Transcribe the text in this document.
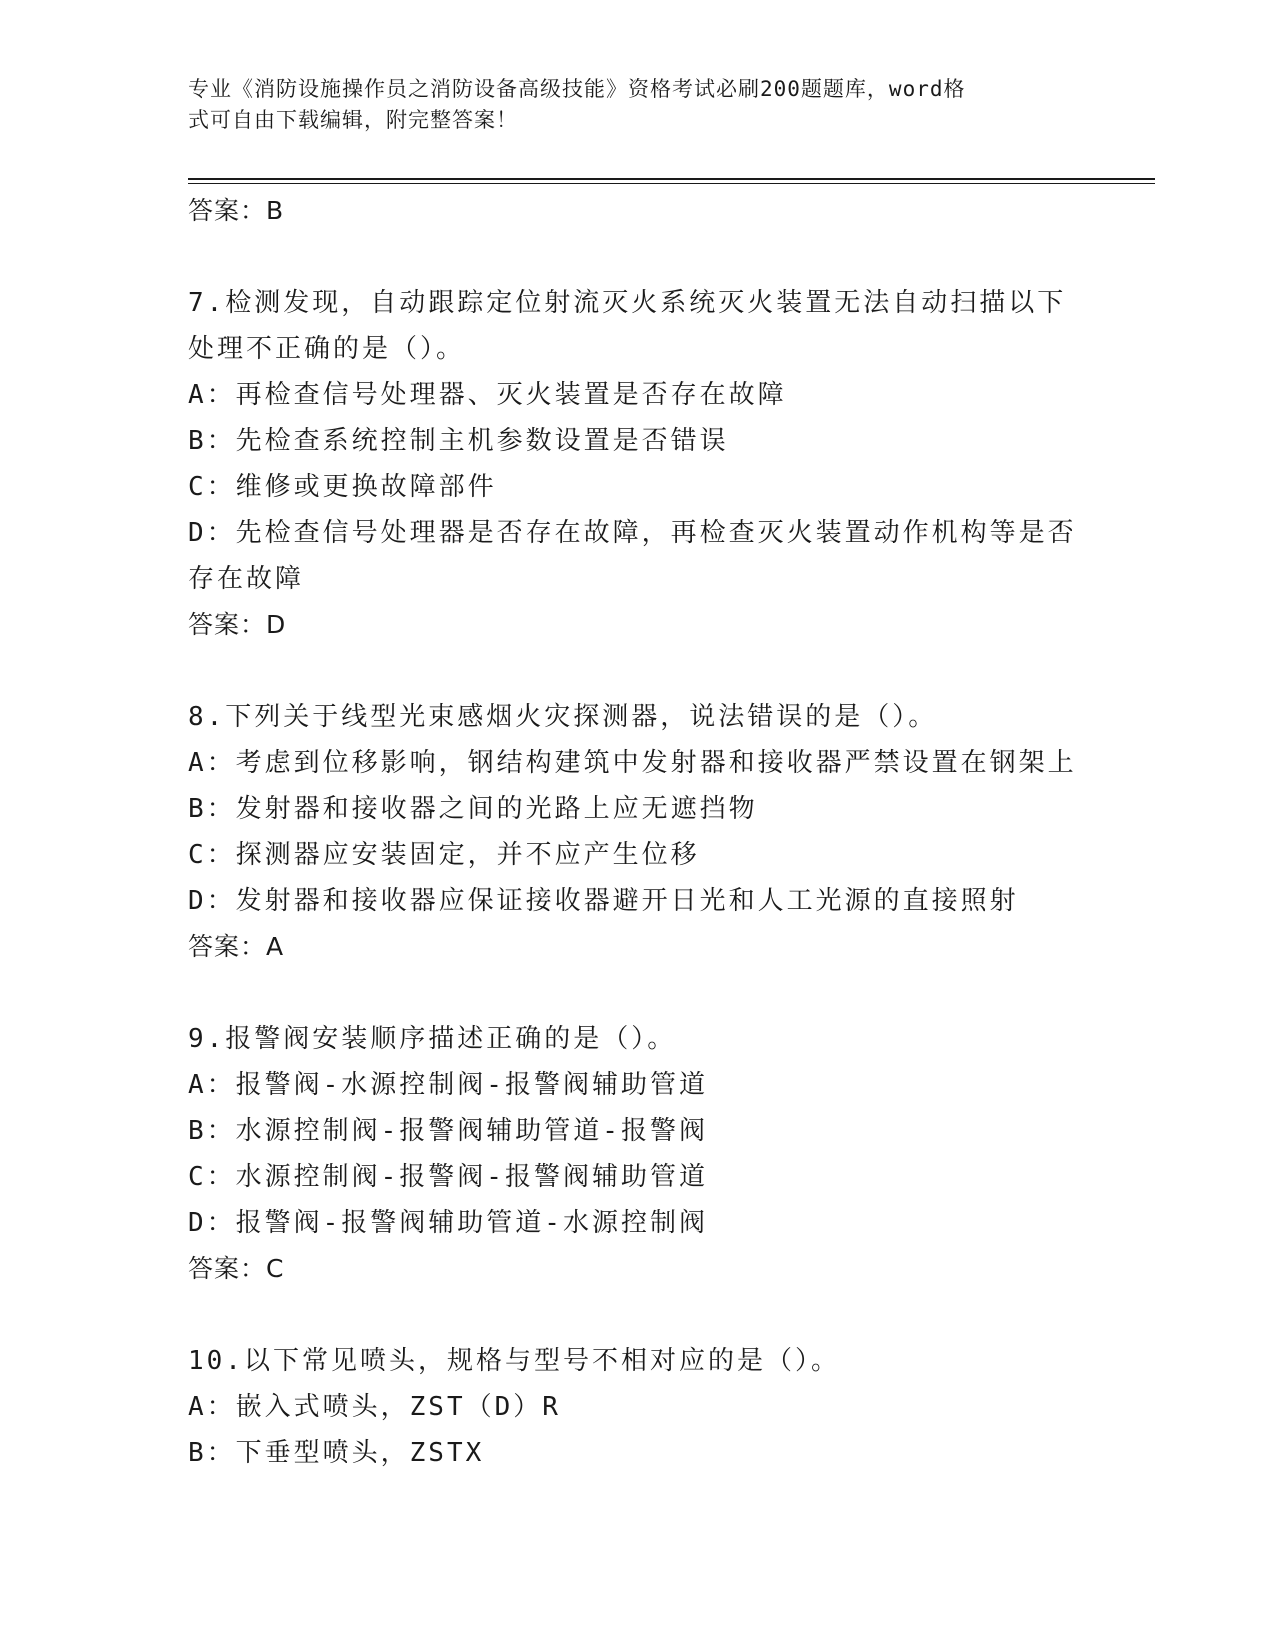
专业《消防设施操作员之消防设备高级技能》资格考试必刷200题题库，word格
式可自由下载编辑，附完整答案！
答案：B
7.检测发现，自动跟踪定位射流灭火系统灭火装置无法自动扫描以下
处理不正确的是（）。
A：再检查信号处理器、灭火装置是否存在故障
B：先检查系统控制主机参数设置是否错误
C：维修或更换故障部件
D：先检查信号处理器是否存在故障，再检查灭火装置动作机构等是否
存在故障
答案：D
8.下列关于线型光束感烟火灾探测器，说法错误的是（）。
A：考虑到位移影响，钢结构建筑中发射器和接收器严禁设置在钢架上
B：发射器和接收器之间的光路上应无遮挡物
C：探测器应安装固定，并不应产生位移
D：发射器和接收器应保证接收器避开日光和人工光源的直接照射
答案：A
9.报警阀安装顺序描述正确的是（）。
A：报警阀-水源控制阀-报警阀辅助管道
B：水源控制阀-报警阀辅助管道-报警阀
C：水源控制阀-报警阀-报警阀辅助管道
D：报警阀-报警阀辅助管道-水源控制阀
答案：C
10.以下常见喷头，规格与型号不相对应的是（）。
A：嵌入式喷头，ZST（D）R
B：下垂型喷头，ZSTX
